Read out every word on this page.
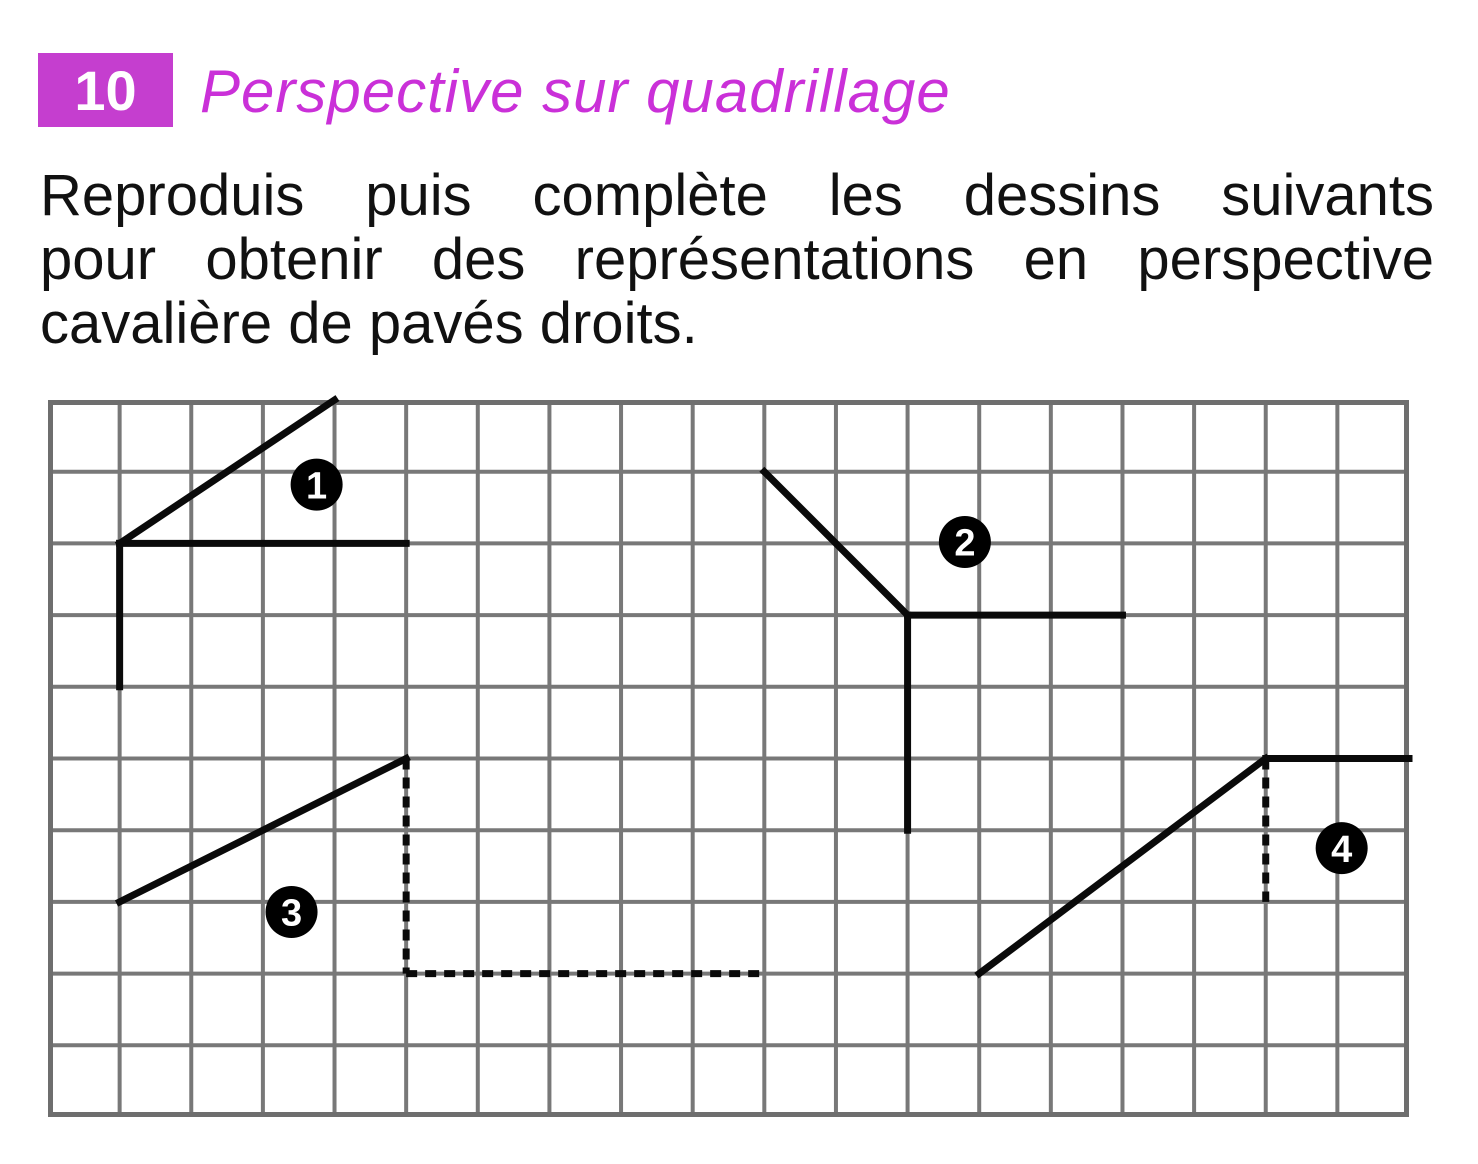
10	Perspective sur quadrillage
Reproduis puis complète les dessins suivants
pour obtenir des représentations en perspective
cavalière de pavés droits.
1
2
3
4
